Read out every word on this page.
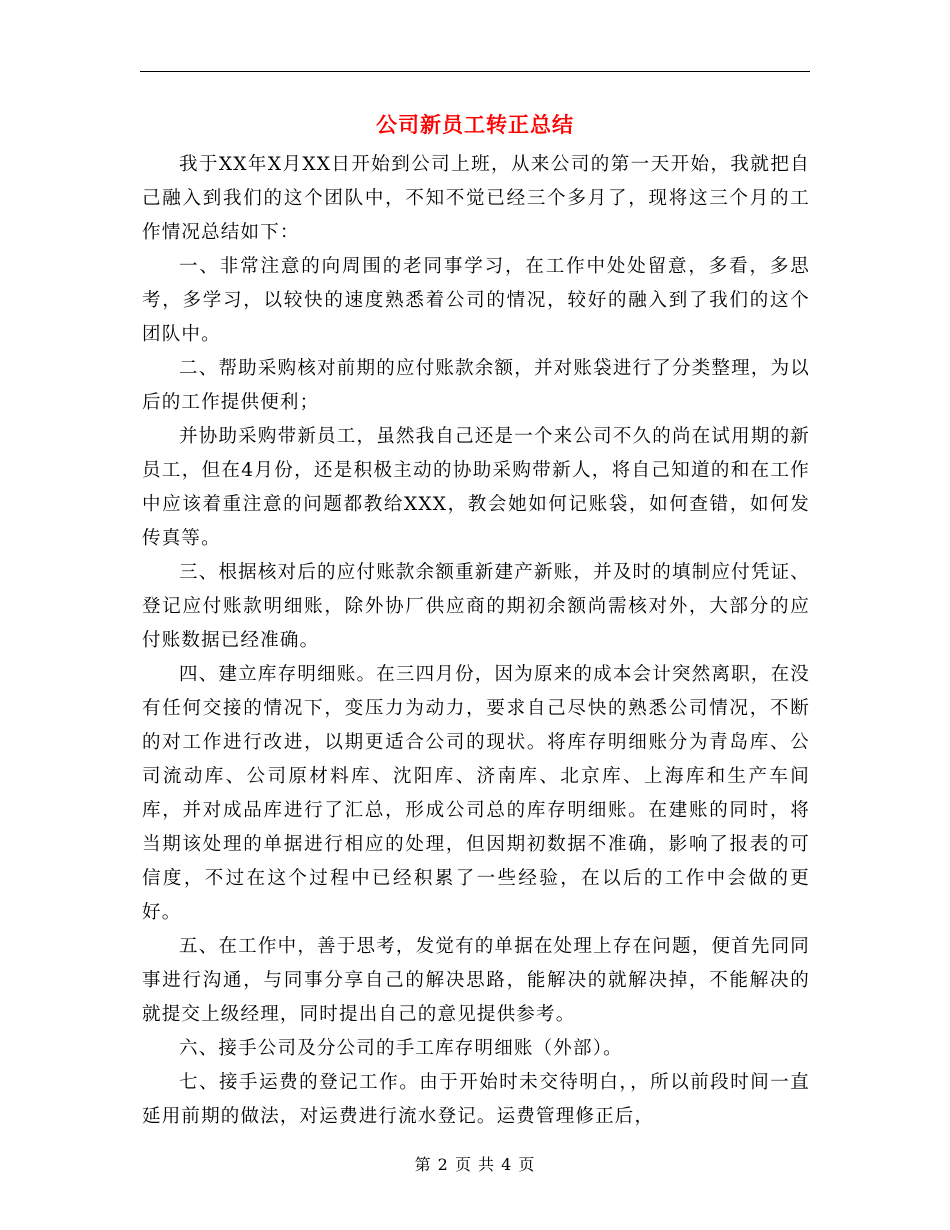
公司新员工转正总结

我于XX年X月XX日开始到公司上班，从来公司的第一天开始，我就把自己融入到我们的这个团队中，不知不觉已经三个多月了，现将这三个月的工作情况总结如下：

一、非常注意的向周围的老同事学习，在工作中处处留意，多看，多思考，多学习，以较快的速度熟悉着公司的情况，较好的融入到了我们的这个团队中。

二、帮助采购核对前期的应付账款余额，并对账袋进行了分类整理，为以后的工作提供便利；

并协助采购带新员工，虽然我自己还是一个来公司不久的尚在试用期的新员工，但在4月份，还是积极主动的协助采购带新人，将自己知道的和在工作中应该着重注意的问题都教给XXX，教会她如何记账袋，如何查错，如何发传真等。

三、根据核对后的应付账款余额重新建产新账，并及时的填制应付凭证、登记应付账款明细账，除外协厂供应商的期初余额尚需核对外，大部分的应付账数据已经准确。

四、建立库存明细账。在三四月份，因为原来的成本会计突然离职，在没有任何交接的情况下，变压力为动力，要求自己尽快的熟悉公司情况，不断的对工作进行改进，以期更适合公司的现状。将库存明细账分为青岛库、公司流动库、公司原材料库、沈阳库、济南库、北京库、上海库和生产车间库，并对成品库进行了汇总，形成公司总的库存明细账。在建账的同时，将当期该处理的单据进行相应的处理，但因期初数据不准确，影响了报表的可信度，不过在这个过程中已经积累了一些经验，在以后的工作中会做的更好。

五、在工作中，善于思考，发觉有的单据在处理上存在问题，便首先同同事进行沟通，与同事分享自己的解决思路，能解决的就解决掉，不能解决的就提交上级经理，同时提出自己的意见提供参考。

六、接手公司及分公司的手工库存明细账（外部）。

七、接手运费的登记工作。由于开始时未交待明白，，所以前段时间一直延用前期的做法，对运费进行流水登记。运费管理修正后，

第 2 页 共 4 页
